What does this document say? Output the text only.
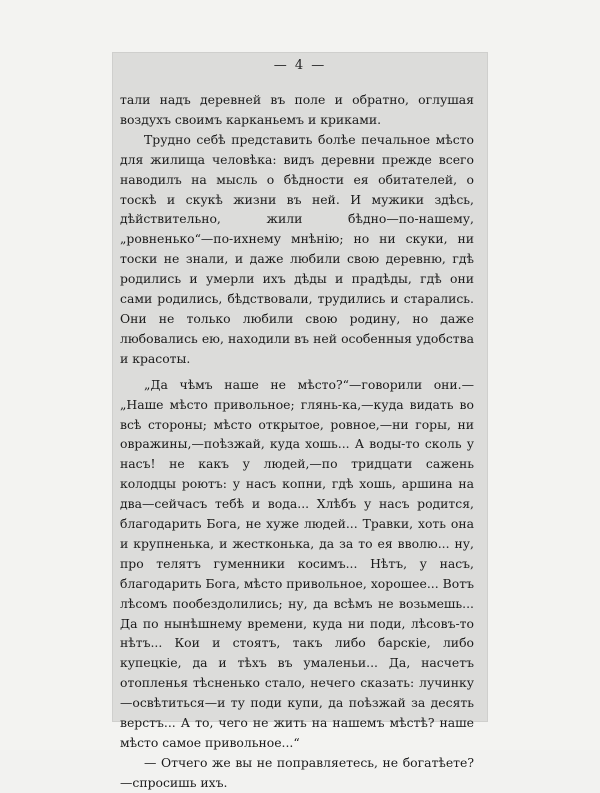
— 4 —

тали надъ деревней въ поле и обратно, оглушая воздухъ своимъ карканьемъ и криками.

Трудно себѣ представить болѣе печальное мѣсто для жилища человѣка: видъ деревни прежде всего наводилъ на мысль о бѣдности ея обитателей, о тоскѣ и скукѣ жизни въ ней. И мужики здѣсь, дѣйствительно, жили бѣдно—по-нашему, „ровненько“—по-ихнему мнѣнію; но ни скуки, ни тоски не знали, и даже любили свою деревню, гдѣ родились и умерли ихъ дѣды и прадѣды, гдѣ они сами родились, бѣдствовали, трудились и старались. Они не только любили свою родину, но даже любовались ею, находили въ ней особенныя удобства и красоты.

„Да чѣмъ наше не мѣсто?“—говорили они.—„Наше мѣсто привольное; глянь-ка,—куда видать во всѣ стороны; мѣсто открытое, ровное,—ни горы, ни овражины,—поѣзжай, куда хошь... А воды-то сколь у насъ! не какъ у людей,—по тридцати сажень колодцы роютъ: у насъ копни, гдѣ хошь, аршина на два—сейчасъ тебѣ и вода... Хлѣбъ у насъ родится, благодарить Бога, не хуже людей... Травки, хоть она и крупненька, и жестконька, да за то ея вволю... ну, про телятъ гуменники косимъ... Нѣтъ, у насъ, благодарить Бога, мѣсто привольное, хорошее... Вотъ лѣсомъ пообездолились; ну, да всѣмъ не возьмешь... Да по нынѣшнему времени, куда ни поди, лѣсовъ-то нѣтъ... Кои и стоятъ, такъ либо барскіе, либо купецкіе, да и тѣхъ въ умаленьи... Да, насчетъ отопленья тѣсненько стало, нечего сказать: лучинку—освѣтиться—и ту поди купи, да поѣзжай за десять верстъ... А то, чего не жить на нашемъ мѣстѣ? наше мѣсто самое привольное...“

— Отчего же вы не поправляетесь, не богатѣете?—спросишь ихъ.
